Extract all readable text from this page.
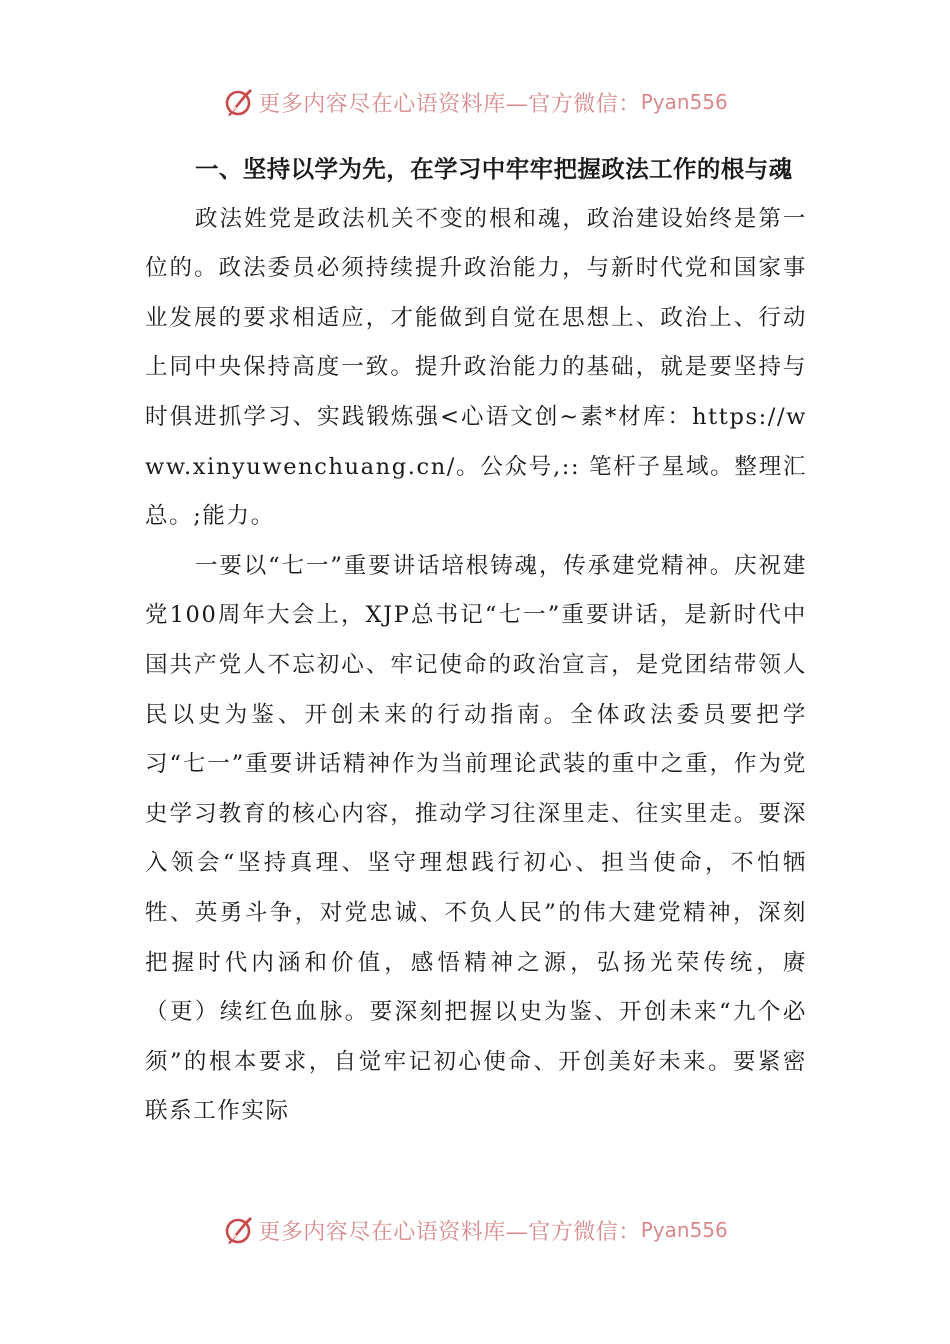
更多内容尽在心语资料库—官方微信： Pyan556

一、坚持以学为先，在学习中牢牢把握政法工作的根与魂

政法姓党是政法机关不变的根和魂，政治建设始终是第一位的。政法委员必须持续提升政治能力，与新时代党和国家事业发展的要求相适应，才能做到自觉在思想上、政治上、行动上同中央保持高度一致。提升政治能力的基础，就是要坚持与时俱进抓学习、实践锻炼强<心语文创~素*材库：https://www.xinyuwenchuang.cn/。公众号,:: 笔杆子星域。整理汇总。;能力。

一要以“七一”重要讲话培根铸魂，传承建党精神。庆祝建党100周年大会上，XJP总书记“七一”重要讲话，是新时代中国共产党人不忘初心、牢记使命的政治宣言，是党团结带领人民以史为鉴、开创未来的行动指南。全体政法委员要把学习“七一”重要讲话精神作为当前理论武装的重中之重，作为党史学习教育的核心内容，推动学习往深里走、往实里走。要深入领会“坚持真理、坚守理想践行初心、担当使命，不怕牺牲、英勇斗争，对党忠诚、不负人民”的伟大建党精神，深刻把握时代内涵和价值，感悟精神之源，弘扬光荣传统，赓（更）续红色血脉。要深刻把握以史为鉴、开创未来“九个必须”的根本要求，自觉牢记初心使命、开创美好未来。要紧密联系工作实际

更多内容尽在心语资料库—官方微信： Pyan556
